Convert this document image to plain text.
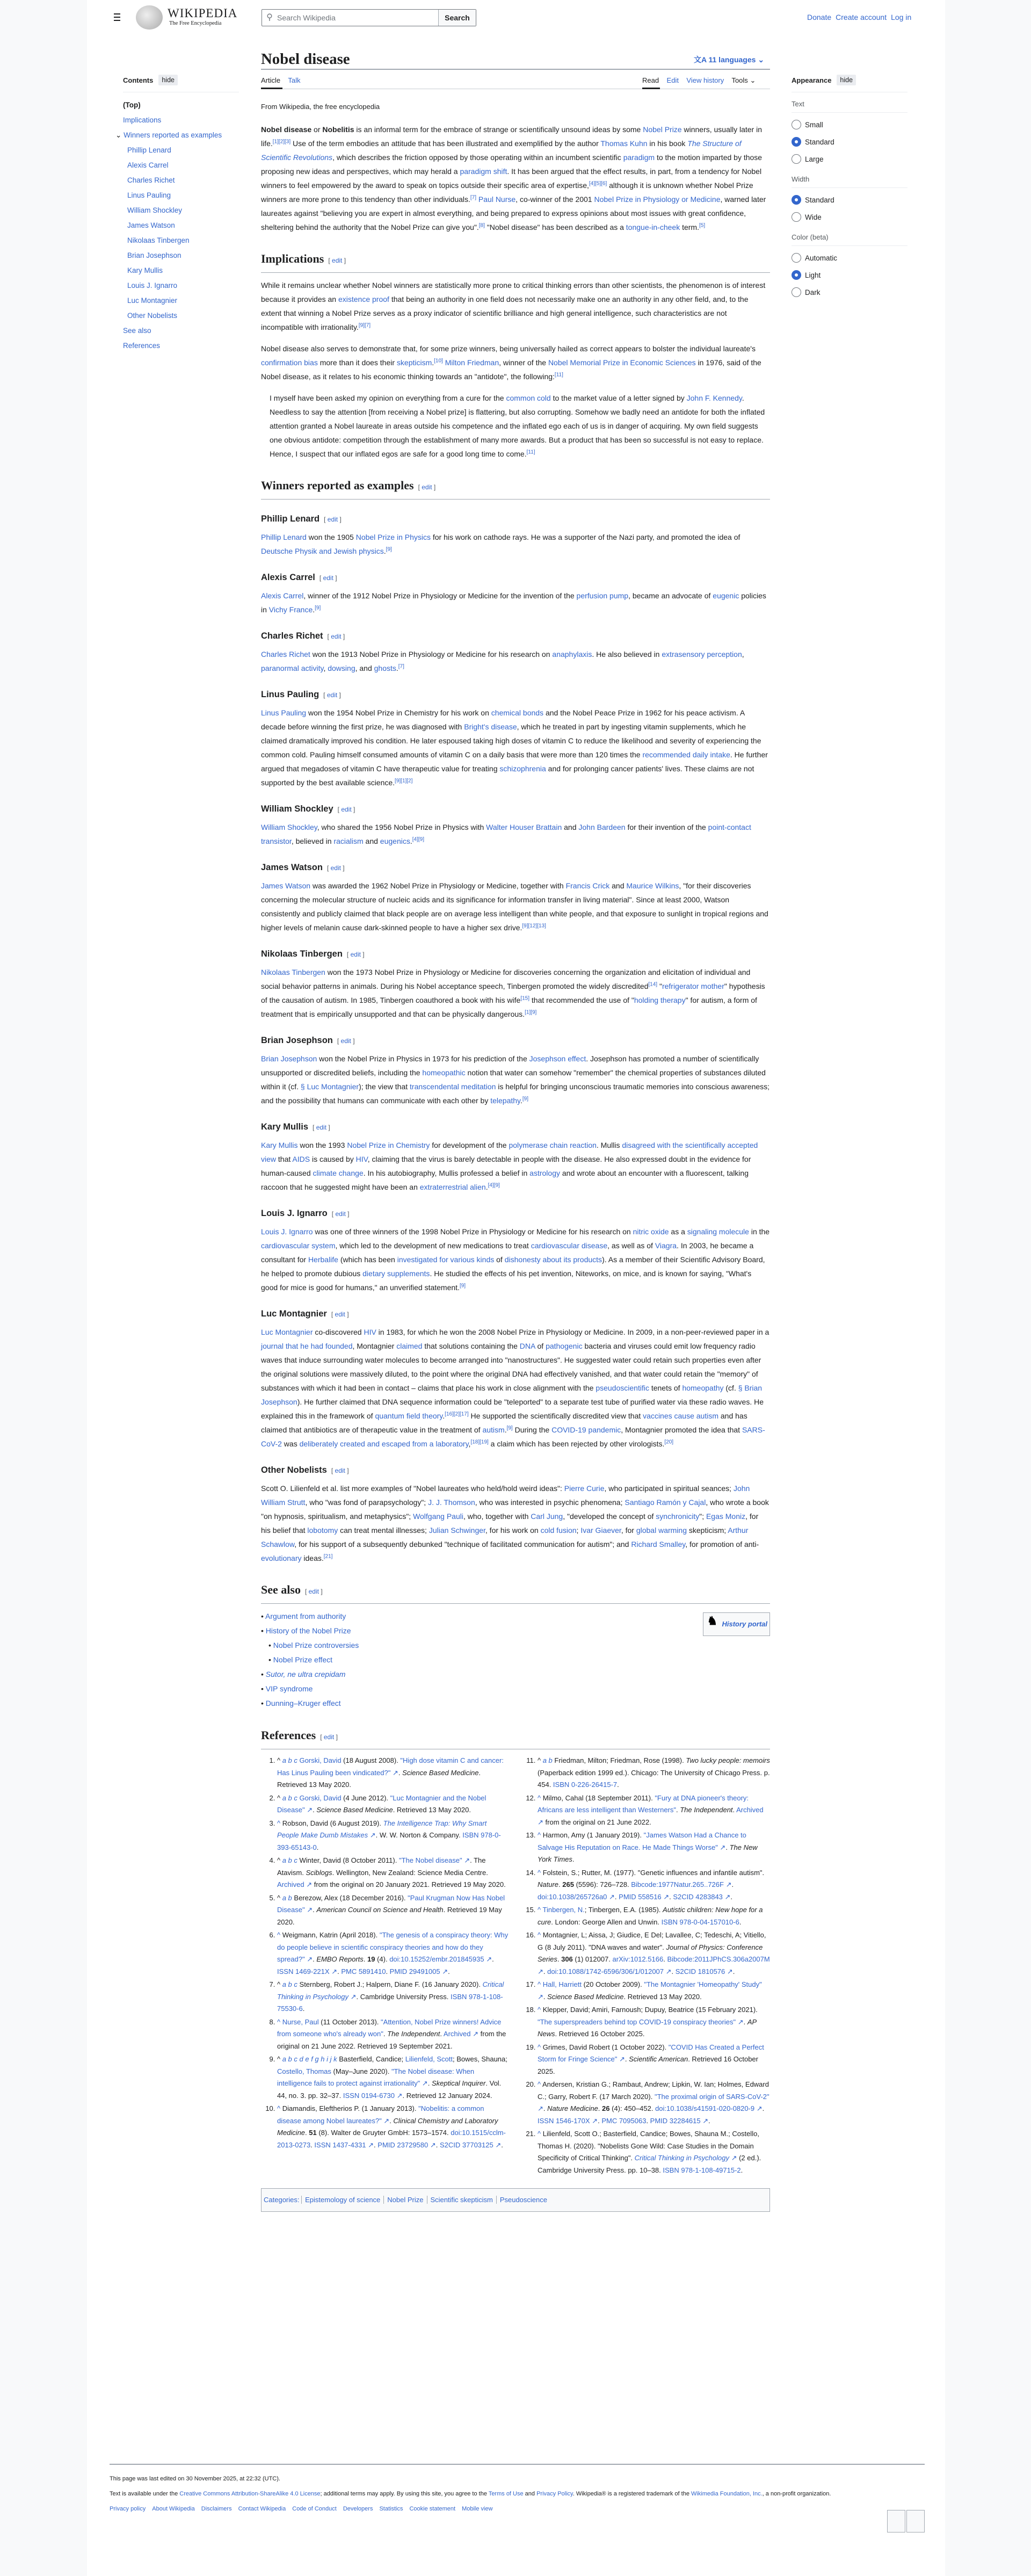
WIKIPEDIA
The Free Encyclopedia
⚲ Search Wikipedia	Search	Donate Create account Log in
Nobel disease	文A 11 languages ⌄
Article Talk	Read Edit View history Tools ⌄
Contents	hide
(Top)
Implications
⌄ Winners reported as examples
Phillip Lenard
Alexis Carrel
Charles Richet
Linus Pauling
William Shockley
James Watson
Nikolaas Tinbergen
Brian Josephson
Kary Mullis
Louis J. Ignarro
Luc Montagnier
Other Nobelists
See also
References
Appearance	hide
Text
Small
Standard
Large
Width
Standard
Wide
Color (beta)
Automatic
Light
Dark

From Wikipedia, the free encyclopedia

Nobel disease or Nobelitis is an informal term for the embrace of strange or scientifically unsound ideas by some Nobel Prize winners, usually later in life.[1][2][3] Use of the term embodies an attitude that has been illustrated and exemplified by the author Thomas Kuhn in his book The Structure of Scientific Revolutions, which describes the friction opposed by those operating within an incumbent scientific paradigm to the motion imparted by those proposing new ideas and perspectives, which may herald a paradigm shift. It has been argued that the effect results, in part, from a tendency for Nobel winners to feel empowered by the award to speak on topics outside their specific area of expertise,[4][5][6] although it is unknown whether Nobel Prize winners are more prone to this tendency than other individuals.[7] Paul Nurse, co-winner of the 2001 Nobel Prize in Physiology or Medicine, warned later laureates against "believing you are expert in almost everything, and being prepared to express opinions about most issues with great confidence, sheltering behind the authority that the Nobel Prize can give you".[8] "Nobel disease" has been described as a tongue-in-cheek term.[5]

Implications [ edit ]

While it remains unclear whether Nobel winners are statistically more prone to critical thinking errors than other scientists, the phenomenon is of interest because it provides an existence proof that being an authority in one field does not necessarily make one an authority in any other field, and, to the extent that winning a Nobel Prize serves as a proxy indicator of scientific brilliance and high general intelligence, such characteristics are not incompatible with irrationality.[9][7]

Nobel disease also serves to demonstrate that, for some prize winners, being universally hailed as correct appears to bolster the individual laureate's confirmation bias more than it does their skepticism.[10] Milton Friedman, winner of the Nobel Memorial Prize in Economic Sciences in 1976, said of the Nobel disease, as it relates to his economic thinking towards an "antidote", the following:[11]

I myself have been asked my opinion on everything from a cure for the common cold to the market value of a letter signed by John F. Kennedy. Needless to say the attention [from receiving a Nobel prize] is flattering, but also corrupting. Somehow we badly need an antidote for both the inflated attention granted a Nobel laureate in areas outside his competence and the inflated ego each of us is in danger of acquiring. My own field suggests one obvious antidote: competition through the establishment of many more awards. But a product that has been so successful is not easy to replace. Hence, I suspect that our inflated egos are safe for a good long time to come.[11]
Winners reported as examples [ edit ]
Phillip Lenard [ edit ]

Phillip Lenard won the 1905 Nobel Prize in Physics for his work on cathode rays. He was a supporter of the Nazi party, and promoted the idea of Deutsche Physik and Jewish physics.[9]

Alexis Carrel [ edit ]

Alexis Carrel, winner of the 1912 Nobel Prize in Physiology or Medicine for the invention of the perfusion pump, became an advocate of eugenic policies in Vichy France.[9]

Charles Richet [ edit ]

Charles Richet won the 1913 Nobel Prize in Physiology or Medicine for his research on anaphylaxis. He also believed in extrasensory perception, paranormal activity, dowsing, and ghosts.[7]

Linus Pauling [ edit ]

Linus Pauling won the 1954 Nobel Prize in Chemistry for his work on chemical bonds and the Nobel Peace Prize in 1962 for his peace activism. A decade before winning the first prize, he was diagnosed with Bright's disease, which he treated in part by ingesting vitamin supplements, which he claimed dramatically improved his condition. He later espoused taking high doses of vitamin C to reduce the likelihood and severity of experiencing the common cold. Pauling himself consumed amounts of vitamin C on a daily basis that were more than 120 times the recommended daily intake. He further argued that megadoses of vitamin C have therapeutic value for treating schizophrenia and for prolonging cancer patients' lives. These claims are not supported by the best available science.[9][1][2]

William Shockley [ edit ]

William Shockley, who shared the 1956 Nobel Prize in Physics with Walter Houser Brattain and John Bardeen for their invention of the point-contact transistor, believed in racialism and eugenics.[4][9]

James Watson [ edit ]

James Watson was awarded the 1962 Nobel Prize in Physiology or Medicine, together with Francis Crick and Maurice Wilkins, "for their discoveries concerning the molecular structure of nucleic acids and its significance for information transfer in living material". Since at least 2000, Watson consistently and publicly claimed that black people are on average less intelligent than white people, and that exposure to sunlight in tropical regions and higher levels of melanin cause dark-skinned people to have a higher sex drive.[9][12][13]

Nikolaas Tinbergen [ edit ]

Nikolaas Tinbergen won the 1973 Nobel Prize in Physiology or Medicine for discoveries concerning the organization and elicitation of individual and social behavior patterns in animals. During his Nobel acceptance speech, Tinbergen promoted the widely discredited[14] "refrigerator mother" hypothesis of the causation of autism. In 1985, Tinbergen coauthored a book with his wife[15] that recommended the use of "holding therapy" for autism, a form of treatment that is empirically unsupported and that can be physically dangerous.[1][9]

Brian Josephson [ edit ]

Brian Josephson won the Nobel Prize in Physics in 1973 for his prediction of the Josephson effect. Josephson has promoted a number of scientifically unsupported or discredited beliefs, including the homeopathic notion that water can somehow "remember" the chemical properties of substances diluted within it (cf. § Luc Montagnier); the view that transcendental meditation is helpful for bringing unconscious traumatic memories into conscious awareness; and the possibility that humans can communicate with each other by telepathy.[9]

Kary Mullis [ edit ]

Kary Mullis won the 1993 Nobel Prize in Chemistry for development of the polymerase chain reaction. Mullis disagreed with the scientifically accepted view that AIDS is caused by HIV, claiming that the virus is barely detectable in people with the disease. He also expressed doubt in the evidence for human-caused climate change. In his autobiography, Mullis professed a belief in astrology and wrote about an encounter with a fluorescent, talking raccoon that he suggested might have been an extraterrestrial alien.[4][9]

Louis J. Ignarro [ edit ]

Louis J. Ignarro was one of three winners of the 1998 Nobel Prize in Physiology or Medicine for his research on nitric oxide as a signaling molecule in the cardiovascular system, which led to the development of new medications to treat cardiovascular disease, as well as of Viagra. In 2003, he became a consultant for Herbalife (which has been investigated for various kinds of dishonesty about its products). As a member of their Scientific Advisory Board, he helped to promote dubious dietary supplements. He studied the effects of his pet invention, Niteworks, on mice, and is known for saying, "What's good for mice is good for humans," an unverified statement.[9]

Luc Montagnier [ edit ]

Luc Montagnier co-discovered HIV in 1983, for which he won the 2008 Nobel Prize in Physiology or Medicine. In 2009, in a non-peer-reviewed paper in a journal that he had founded, Montagnier claimed that solutions containing the DNA of pathogenic bacteria and viruses could emit low frequency radio waves that induce surrounding water molecules to become arranged into "nanostructures". He suggested water could retain such properties even after the original solutions were massively diluted, to the point where the original DNA had effectively vanished, and that water could retain the "memory" of substances with which it had been in contact – claims that place his work in close alignment with the pseudoscientific tenets of homeopathy (cf. § Brian Josephson). He further claimed that DNA sequence information could be "teleported" to a separate test tube of purified water via these radio waves. He explained this in the framework of quantum field theory.[16][2][17] He supported the scientifically discredited view that vaccines cause autism and has claimed that antibiotics are of therapeutic value in the treatment of autism.[9] During the COVID-19 pandemic, Montagnier promoted the idea that SARS-CoV-2 was deliberately created and escaped from a laboratory,[18][19] a claim which has been rejected by other virologists.[20]

Other Nobelists [ edit ]

Scott O. Lilienfeld et al. list more examples of "Nobel laureates who held/hold weird ideas": Pierre Curie, who participated in spiritual seances; John William Strutt, who "was fond of parapsychology"; J. J. Thomson, who was interested in psychic phenomena; Santiago Ramón y Cajal, who wrote a book "on hypnosis, spiritualism, and metaphysics"; Wolfgang Pauli, who, together with Carl Jung, "developed the concept of synchronicity"; Egas Moniz, for his belief that lobotomy can treat mental illnesses; Julian Schwinger, for his work on cold fusion; Ivar Giaever, for global warming skepticism; Arthur Schawlow, for his support of a subsequently debunked "technique of facilitated communication for autism"; and Richard Smalley, for promotion of anti-evolutionary ideas.[21]

See also [ edit ]
♞ History portal
• Argument from authority
• History of the Nobel Prize
• Nobel Prize controversies
• Nobel Prize effect
• Sutor, ne ultra crepidam
• VIP syndrome
• Dunning–Kruger effect
References [ edit ]
1. ^ a b c Gorski, David (18 August 2008). "High dose vitamin C and cancer: Has Linus Pauling been vindicated?" ↗. Science Based Medicine. Retrieved 13 May 2020.
2. ^ a b c Gorski, David (4 June 2012). "Luc Montagnier and the Nobel Disease" ↗. Science Based Medicine. Retrieved 13 May 2020.
3. ^ Robson, David (6 August 2019). The Intelligence Trap: Why Smart People Make Dumb Mistakes ↗. W. W. Norton & Company. ISBN 978-0-393-65143-0.
4. ^ a b c Winter, David (8 October 2011). "The Nobel disease" ↗. The Atavism. Sciblogs. Wellington, New Zealand: Science Media Centre. Archived ↗ from the original on 20 January 2021. Retrieved 19 May 2020.
5. ^ a b Berezow, Alex (18 December 2016). "Paul Krugman Now Has Nobel Disease" ↗. American Council on Science and Health. Retrieved 19 May 2020.
6. ^ Weigmann, Katrin (April 2018). "The genesis of a conspiracy theory: Why do people believe in scientific conspiracy theories and how do they spread?" ↗. EMBO Reports. 19 (4). doi:10.15252/embr.201845935 ↗. ISSN 1469-221X ↗. PMC 5891410. PMID 29491005 ↗.
7. ^ a b c Sternberg, Robert J.; Halpern, Diane F. (16 January 2020). Critical Thinking in Psychology ↗. Cambridge University Press. ISBN 978-1-108-75530-6.
8. ^ Nurse, Paul (11 October 2013). "Attention, Nobel Prize winners! Advice from someone who's already won". The Independent. Archived ↗ from the original on 21 June 2022. Retrieved 19 September 2021.
9. ^ a b c d e f g h i j k Basterfield, Candice; Lilienfeld, Scott; Bowes, Shauna; Costello, Thomas (May–June 2020). "The Nobel disease: When intelligence fails to protect against irrationality" ↗. Skeptical Inquirer. Vol. 44, no. 3. pp. 32–37. ISSN 0194-6730 ↗. Retrieved 12 January 2024.
10. ^ Diamandis, Eleftherios P. (1 January 2013). "Nobelitis: a common disease among Nobel laureates?" ↗. Clinical Chemistry and Laboratory Medicine. 51 (8). Walter de Gruyter GmbH: 1573–1574. doi:10.1515/cclm-2013-0273. ISSN 1437-4331 ↗. PMID 23729580 ↗. S2CID 37703125 ↗.
11. ^ a b Friedman, Milton; Friedman, Rose (1998). Two lucky people: memoirs (Paperback edition 1999 ed.). Chicago: The University of Chicago Press. p. 454. ISBN 0-226-26415-7.
12. ^ Milmo, Cahal (18 September 2011). "Fury at DNA pioneer's theory: Africans are less intelligent than Westerners". The Independent. Archived ↗ from the original on 21 June 2022.
13. ^ Harmon, Amy (1 January 2019). "James Watson Had a Chance to Salvage His Reputation on Race. He Made Things Worse" ↗. The New York Times.
14. ^ Folstein, S.; Rutter, M. (1977). "Genetic influences and infantile autism". Nature. 265 (5596): 726–728. Bibcode:1977Natur.265..726F ↗. doi:10.1038/265726a0 ↗. PMID 558516 ↗. S2CID 4283843 ↗.
15. ^ Tinbergen, N.; Tinbergen, E.A. (1985). Autistic children: New hope for a cure. London: George Allen and Unwin. ISBN 978-0-04-157010-6.
16. ^ Montagnier, L; Aissa, J; Giudice, E Del; Lavallee, C; Tedeschi, A; Vitiello, G (8 July 2011). "DNA waves and water". Journal of Physics: Conference Series. 306 (1) 012007. arXiv:1012.5166. Bibcode:2011JPhCS.306a2007M ↗. doi:10.1088/1742-6596/306/1/012007 ↗. S2CID 1810576 ↗.
17. ^ Hall, Harriett (20 October 2009). "The Montagnier 'Homeopathy' Study" ↗. Science Based Medicine. Retrieved 13 May 2020.
18. ^ Klepper, David; Amiri, Farnoush; Dupuy, Beatrice (15 February 2021). "The superspreaders behind top COVID-19 conspiracy theories" ↗. AP News. Retrieved 16 October 2025.
19. ^ Grimes, David Robert (1 October 2022). "COVID Has Created a Perfect Storm for Fringe Science" ↗. Scientific American. Retrieved 16 October 2025.
20. ^ Andersen, Kristian G.; Rambaut, Andrew; Lipkin, W. Ian; Holmes, Edward C.; Garry, Robert F. (17 March 2020). "The proximal origin of SARS-CoV-2" ↗. Nature Medicine. 26 (4): 450–452. doi:10.1038/s41591-020-0820-9 ↗. ISSN 1546-170X ↗. PMC 7095063. PMID 32284615 ↗.
21. ^ Lilienfeld, Scott O.; Basterfield, Candice; Bowes, Shauna M.; Costello, Thomas H. (2020). "Nobelists Gone Wild: Case Studies in the Domain Specificity of Critical Thinking". Critical Thinking in Psychology ↗ (2 ed.). Cambridge University Press. pp. 10–38. ISBN 978-1-108-49715-2.
Categories: Epistemology of science Nobel Prize Scientific skepticism Pseudoscience

This page was last edited on 30 November 2025, at 22:32 (UTC).

Text is available under the Creative Commons Attribution-ShareAlike 4.0 License; additional terms may apply. By using this site, you agree to the Terms of Use and Privacy Policy. Wikipedia® is a registered trademark of the Wikimedia Foundation, Inc., a non-profit organization.

Privacy policy About Wikipedia Disclaimers Contact Wikipedia Code of Conduct Developers Statistics Cookie statement Mobile view
